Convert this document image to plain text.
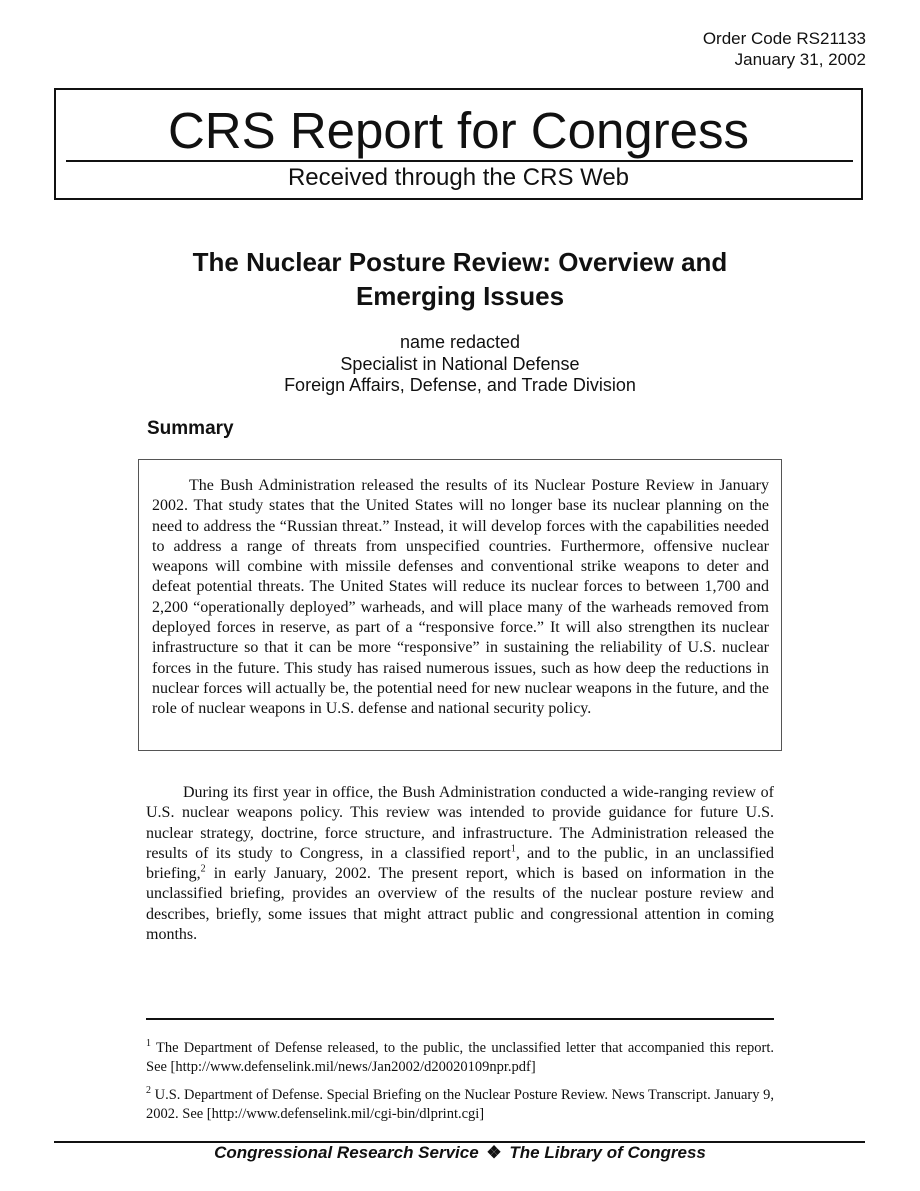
Order Code RS21133
January 31, 2002
CRS Report for Congress
Received through the CRS Web
The Nuclear Posture Review: Overview and Emerging Issues
name redacted
Specialist in National Defense
Foreign Affairs, Defense, and Trade Division
Summary

The Bush Administration released the results of its Nuclear Posture Review in January 2002. That study states that the United States will no longer base its nuclear planning on the need to address the “Russian threat.” Instead, it will develop forces with the capabilities needed to address a range of threats from unspecified countries. Furthermore, offensive nuclear weapons will combine with missile defenses and conventional strike weapons to deter and defeat potential threats. The United States will reduce its nuclear forces to between 1,700 and 2,200 “operationally deployed” warheads, and will place many of the warheads removed from deployed forces in reserve, as part of a “responsive force.” It will also strengthen its nuclear infrastructure so that it can be more “responsive” in sustaining the reliability of U.S. nuclear forces in the future. This study has raised numerous issues, such as how deep the reductions in nuclear forces will actually be, the potential need for new nuclear weapons in the future, and the role of nuclear weapons in U.S. defense and national security policy.

During its first year in office, the Bush Administration conducted a wide-ranging review of U.S. nuclear weapons policy. This review was intended to provide guidance for future U.S. nuclear strategy, doctrine, force structure, and infrastructure. The Administration released the results of its study to Congress, in a classified report$^1$, and to the public, in an unclassified briefing,$^2$ in early January, 2002. The present report, which is based on information in the unclassified briefing, provides an overview of the results of the nuclear posture review and describes, briefly, some issues that might attract public and congressional attention in coming months.

$^1$ The Department of Defense released, to the public, the unclassified letter that accompanied this report. See [http://www.defenselink.mil/news/Jan2002/d20020109npr.pdf]

$^2$ U.S. Department of Defense. Special Briefing on the Nuclear Posture Review. News Transcript. January 9, 2002. See [http://www.defenselink.mil/cgi-bin/dlprint.cgi]

Congressional Research Service ❖ The Library of Congress
